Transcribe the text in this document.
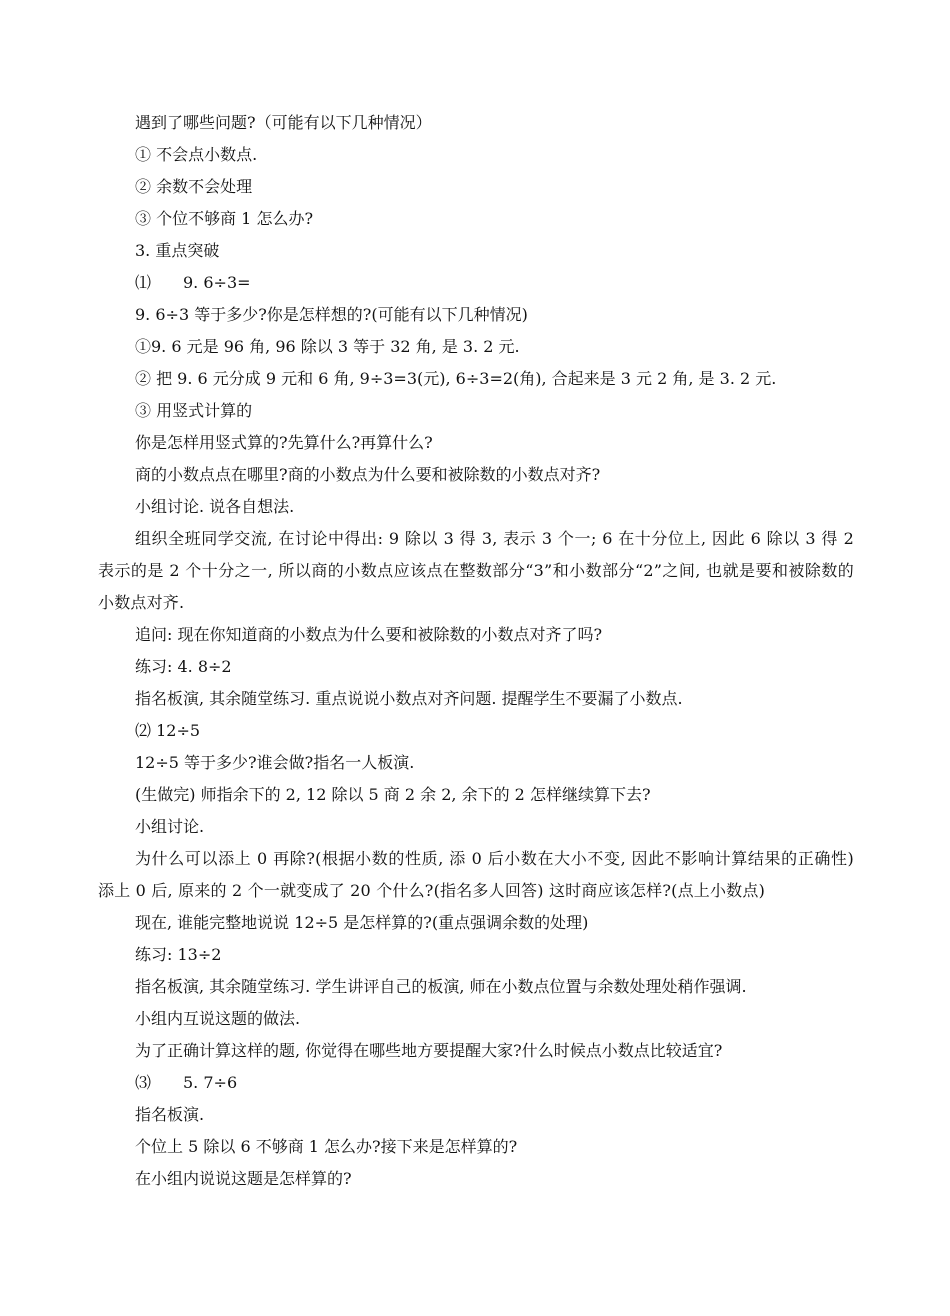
遇到了哪些问题?（可能有以下几种情况）
① 不会点小数点.
② 余数不会处理
③ 个位不够商 1 怎么办?
3. 重点突破
⑴　　9. 6÷3=
9. 6÷3 等于多少?你是怎样想的?(可能有以下几种情况)
①9. 6 元是 96 角, 96 除以 3 等于 32 角, 是 3. 2 元.
② 把 9. 6 元分成 9 元和 6 角, 9÷3=3(元), 6÷3=2(角), 合起来是 3 元 2 角, 是 3. 2 元.
③ 用竖式计算的
你是怎样用竖式算的?先算什么?再算什么?
商的小数点点在哪里?商的小数点为什么要和被除数的小数点对齐?
小组讨论. 说各自想法.
组织全班同学交流, 在讨论中得出: 9 除以 3 得 3, 表示 3 个一; 6 在十分位上, 因此 6 除以 3 得 2 表示的是 2 个十分之一, 所以商的小数点应该点在整数部分“3”和小数部分“2”之间, 也就是要和被除数的小数点对齐.
追问: 现在你知道商的小数点为什么要和被除数的小数点对齐了吗?
练习: 4. 8÷2
指名板演, 其余随堂练习. 重点说说小数点对齐问题. 提醒学生不要漏了小数点.
⑵ 12÷5
12÷5 等于多少?谁会做?指名一人板演.
(生做完) 师指余下的 2, 12 除以 5 商 2 余 2, 余下的 2 怎样继续算下去?
小组讨论.
为什么可以添上 0 再除?(根据小数的性质, 添 0 后小数在大小不变, 因此不影响计算结果的正确性) 添上 0 后, 原来的 2 个一就变成了 20 个什么?(指名多人回答) 这时商应该怎样?(点上小数点)
现在, 谁能完整地说说 12÷5 是怎样算的?(重点强调余数的处理)
练习: 13÷2
指名板演, 其余随堂练习. 学生讲评自己的板演, 师在小数点位置与余数处理处稍作强调.
小组内互说这题的做法.
为了正确计算这样的题, 你觉得在哪些地方要提醒大家?什么时候点小数点比较适宜?
⑶　　5. 7÷6
指名板演.
个位上 5 除以 6 不够商 1 怎么办?接下来是怎样算的?
在小组内说说这题是怎样算的?
